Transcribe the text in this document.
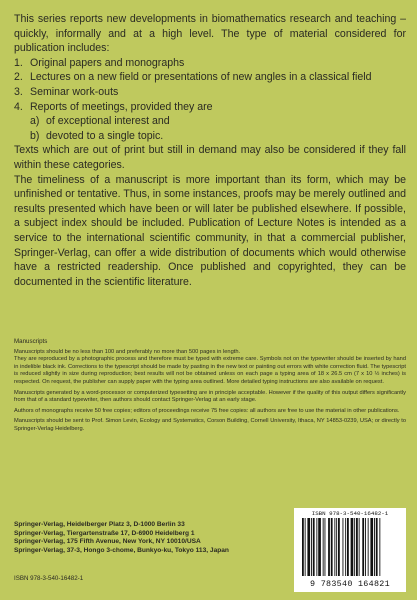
This series reports new developments in biomathematics research and teaching – quickly, informally and at a high level. The type of material considered for publication includes:

1. Original papers and monographs
2. Lectures on a new field or presentations of new angles in a classical field
3. Seminar work-outs
4. Reports of meetings, provided they are
a) of exceptional interest and
b) devoted to a single topic.

Texts which are out of print but still in demand may also be considered if they fall within these categories.

The timeliness of a manuscript is more important than its form, which may be unfinished or tentative. Thus, in some instances, proofs may be merely outlined and results presented which have been or will later be published elsewhere. If possible, a subject index should be included. Publication of Lecture Notes is intended as a service to the international scientific community, in that a commercial publisher, Springer-Verlag, can offer a wide distribution of documents which would otherwise have a restricted readership. Once published and copyrighted, they can be documented in the scientific literature.

Manuscripts

Manuscripts should be no less than 100 and preferably no more than 500 pages in length.

They are reproduced by a photographic process and therefore must be typed with extreme care. Symbols not on the typewriter should be inserted by hand in indelible black ink. Corrections to the typescript should be made by pasting in the new text or painting out errors with white correction fluid. The typescript is reduced slightly in size during reproduction; best results will not be obtained unless on each page a typing area of 18 x 26.5 cm (7 x 10 ½ inches) is respected. On request, the publisher can supply paper with the typing area outlined. More detailed typing instructions are also available on request.

Manuscripts generated by a word-processor or computerized typesetting are in principle acceptable. However if the quality of this output differs significantly from that of a standard typewriter, then authors should contact Springer-Verlag at an early stage.

Authors of monographs receive 50 free copies; editors of proceedings receive 75 free copies: all authors are free to use the material in other publications.

Manuscripts should be sent to Prof. Simon Levin, Ecology and Systematics, Corson Building, Cornell University, Ithaca, NY 14853-0239, USA; or directly to Springer-Verlag Heidelberg.

Springer-Verlag, Heidelberger Platz 3, D-1000 Berlin 33
Springer-Verlag, Tiergartenstraße 17, D-6900 Heidelberg 1
Springer-Verlag, 175 Fifth Avenue, New York, NY 10010/USA
Springer-Verlag, 37-3, Hongo 3-chome, Bunkyo-ku, Tokyo 113, Japan
ISBN 978-3-540-16482-1
ISBN 978-3-540-16482-1
9 783540 164821
